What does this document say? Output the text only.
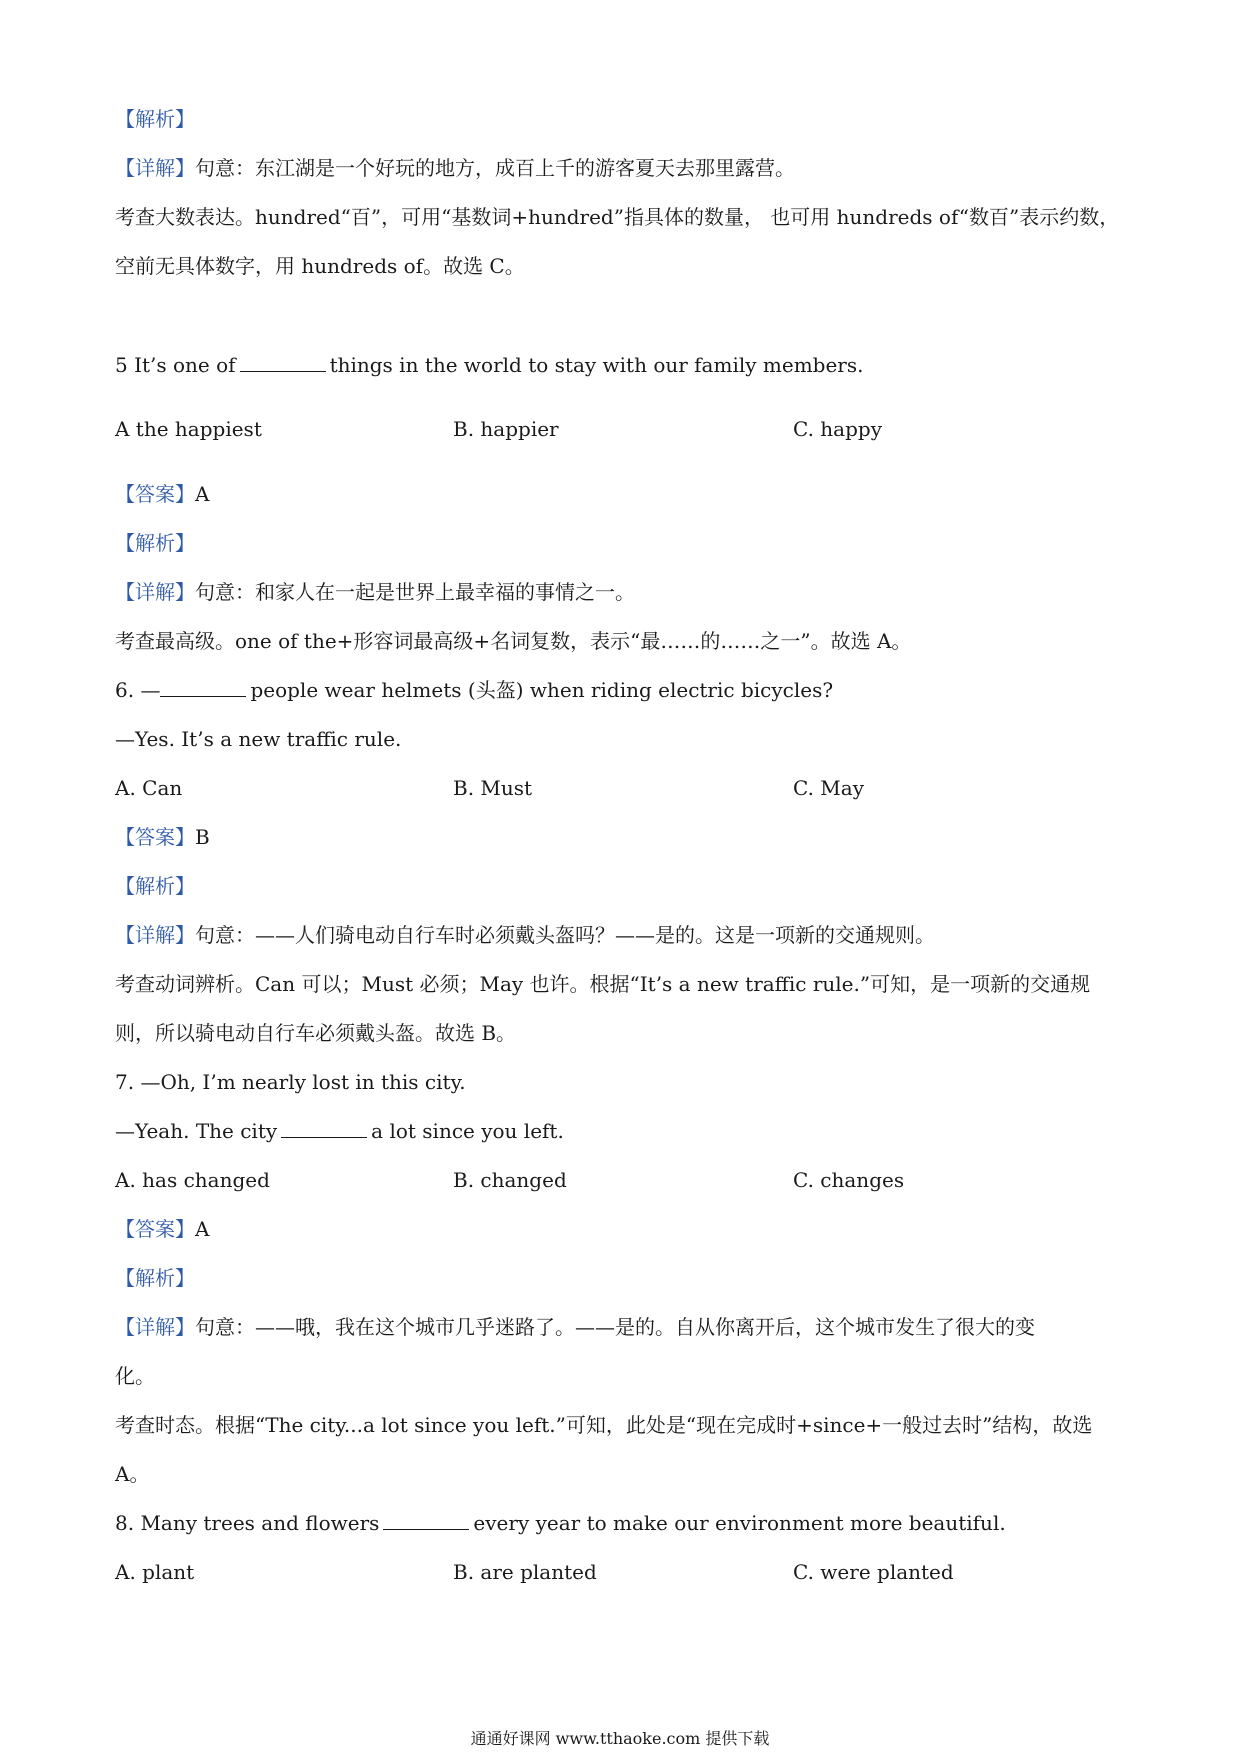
【解析】
【详解】句意：东江湖是一个好玩的地方，成百上千的游客夏天去那里露营。
考查大数表达。hundred“百”，可用“基数词+hundred”指具体的数量， 也可用 hundreds of“数百”表示约数，
空前无具体数字，用 hundreds of。故选 C。
5 It’s one of	things in the world to stay with our family members.
A the happiest	B. happier	C. happy
【答案】A
【解析】
【详解】句意：和家人在一起是世界上最幸福的事情之一。
考查最高级。one of the+形容词最高级+名词复数，表示“最……的……之一”。故选 A。
6. —	people wear helmets (头盔) when riding electric bicycles?
—Yes. It’s a new traffic rule.
A. Can	B. Must	C. May
【答案】B
【解析】
【详解】句意：——人们骑电动自行车时必须戴头盔吗？——是的。这是一项新的交通规则。
考查动词辨析。Can 可以；Must 必须；May 也许。根据“It’s a new traffic rule.”可知，是一项新的交通规
则，所以骑电动自行车必须戴头盔。故选 B。
7. —Oh, I’m nearly lost in this city.
—Yeah. The city	a lot since you left.
A. has changed	B. changed	C. changes
【答案】A
【解析】
【详解】句意：——哦，我在这个城市几乎迷路了。——是的。自从你离开后，这个城市发生了很大的变
化。
考查时态。根据“The city...a lot since you left.”可知，此处是“现在完成时+since+一般过去时”结构，故选
A。
8. Many trees and flowers	every year to make our environment more beautiful.
A. plant	B. are planted	C. were planted
通通好课网 www.tthaoke.com 提供下载
